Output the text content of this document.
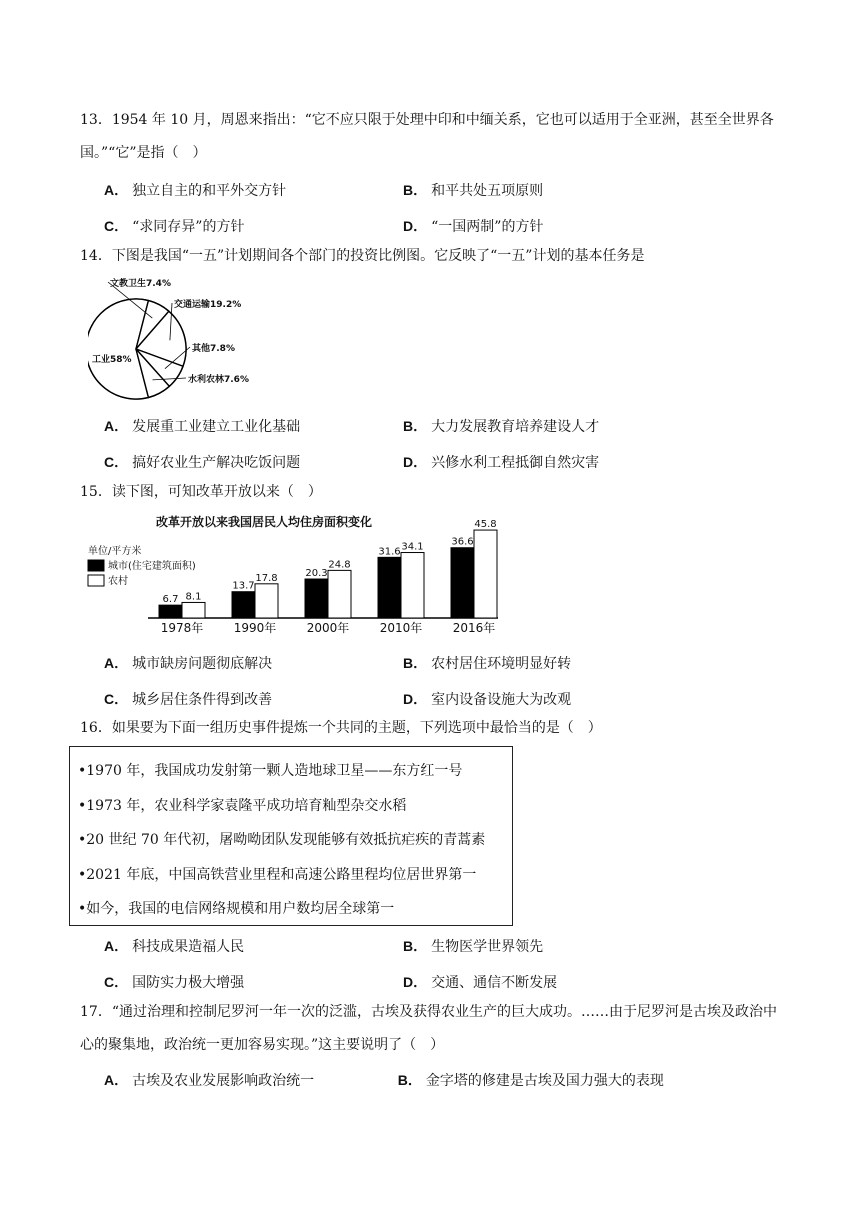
13．1954 年 10 月，周恩来指出：“它不应只限于处理中印和中缅关系，它也可以适用于全亚洲，甚至全世界各国。”“它”是指（　）
A． 独立自主的和平外交方针	B． 和平共处五项原则
C． “求同存异”的方针	D． “一国两制”的方针
14．下图是我国“一五”计划期间各个部门的投资比例图。它反映了“一五”计划的基本任务是
工业58%
文教卫生7.4%
交通运输19.2%
其他7.8%
水利农林7.6%
A． 发展重工业建立工业化基础	B． 大力发展教育培养建设人才
C． 搞好农业生产解决吃饭问题	D． 兴修水利工程抵御自然灾害
15．读下图，可知改革开放以来（　）
改革开放以来我国居民人均住房面积变化
单位/平方米
城市(住宅建筑面积)
农村
6.7 8.1
1978年
13.7
17.8
1990年
20.3
24.8
2000年
31.6 34.1
2010年
36.6
45.8
2016年
A． 城市缺房问题彻底解决	B． 农村居住环境明显好转
C． 城乡居住条件得到改善	D． 室内设备设施大为改观
16．如果要为下面一组历史事件提炼一个共同的主题，下列选项中最恰当的是（　）
•1970 年，我国成功发射第一颗人造地球卫星——东方红一号
•1973 年，农业科学家袁隆平成功培育籼型杂交水稻
•20 世纪 70 年代初，屠呦呦团队发现能够有效抵抗疟疾的青蒿素
•2021 年底，中国高铁营业里程和高速公路里程均位居世界第一
•如今，我国的电信网络规模和用户数均居全球第一
A． 科技成果造福人民	B． 生物医学世界领先
C． 国防实力极大增强	D． 交通、通信不断发展
17．“通过治理和控制尼罗河一年一次的泛滥，古埃及获得农业生产的巨大成功。……由于尼罗河是古埃及政治中心的聚集地，政治统一更加容易实现。”这主要说明了（　）
A． 古埃及农业发展影响政治统一	B． 金字塔的修建是古埃及国力强大的表现
